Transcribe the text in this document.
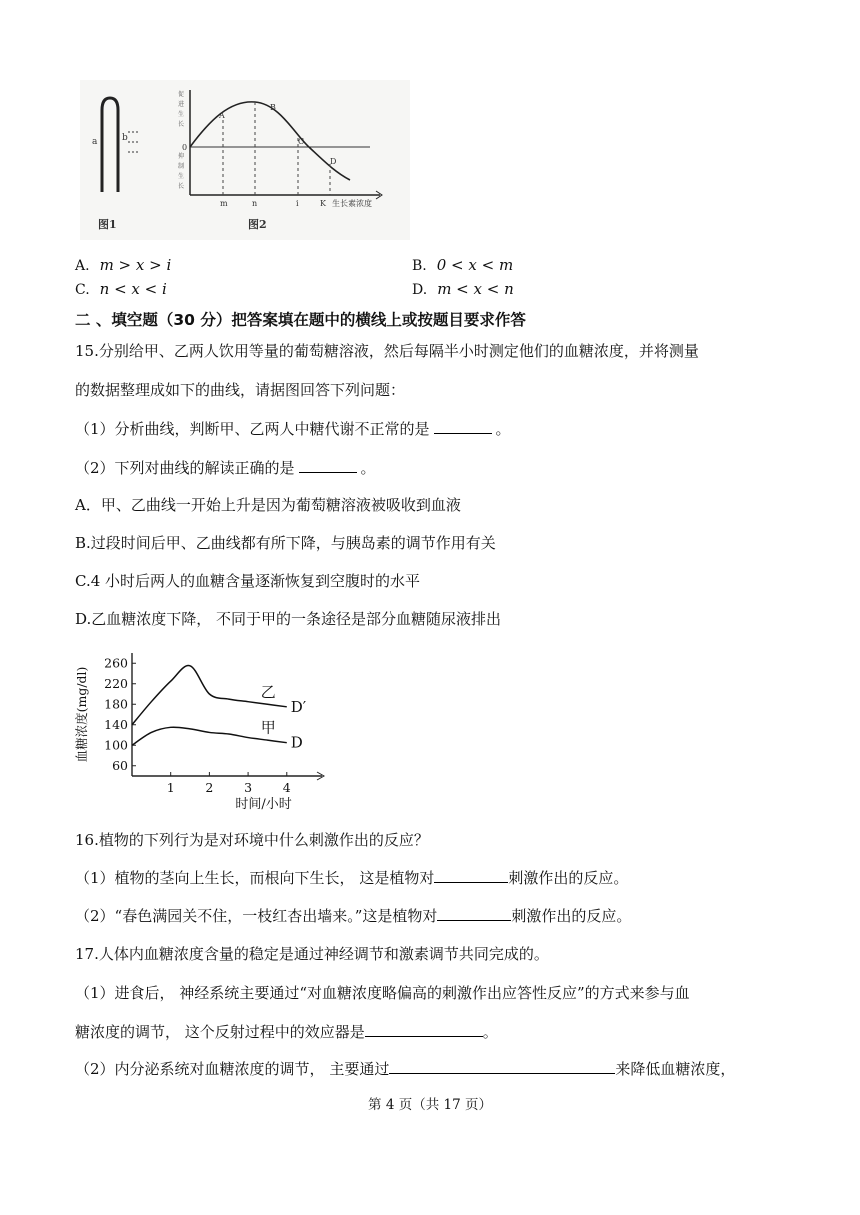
a	b
图1
促
进
生
长
抑
制
生
长
0
A
B
C
D
m	n	i	K 生长素浓度
图2
A. m > x > i	B. 0 < x < m
C. n < x < i	D. m < x < n
二 、填空题（30 分）把答案填在题中的横线上或按题目要求作答
15.分别给甲、乙两人饮用等量的葡萄糖溶液，然后每隔半小时测定他们的血糖浓度，并将测量
的数据整理成如下的曲线，请据图回答下列问题：
（1）分析曲线，判断甲、乙两人中糖代谢不正常的是	。
（2）下列对曲线的解读正确的是	。
A．甲、乙曲线一开始上升是因为葡萄糖溶液被吸收到血液
B.过段时间后甲、乙曲线都有所下降，与胰岛素的调节作用有关
C.4 小时后两人的血糖含量逐渐恢复到空腹时的水平
D.乙血糖浓度下降， 不同于甲的一条途径是部分血糖随尿液排出
60
100
140
180
220
260
1 2 3 4
时间/小时
血糖浓度(mg/dl)	D′
乙
D
甲
16.植物的下列行为是对环境中什么刺激作出的反应？
（1）植物的茎向上生长，而根向下生长， 这是植物对	刺激作出的反应。
（2）“春色满园关不住，一枝红杏出墙来。”这是植物对	刺激作出的反应。
17.人体内血糖浓度含量的稳定是通过神经调节和激素调节共同完成的。
（1）进食后， 神经系统主要通过“对血糖浓度略偏高的刺激作出应答性反应”的方式来参与血
糖浓度的调节， 这个反射过程中的效应器是	。
（2）内分泌系统对血糖浓度的调节， 主要通过	来降低血糖浓度，
第 4 页（共 17 页）
